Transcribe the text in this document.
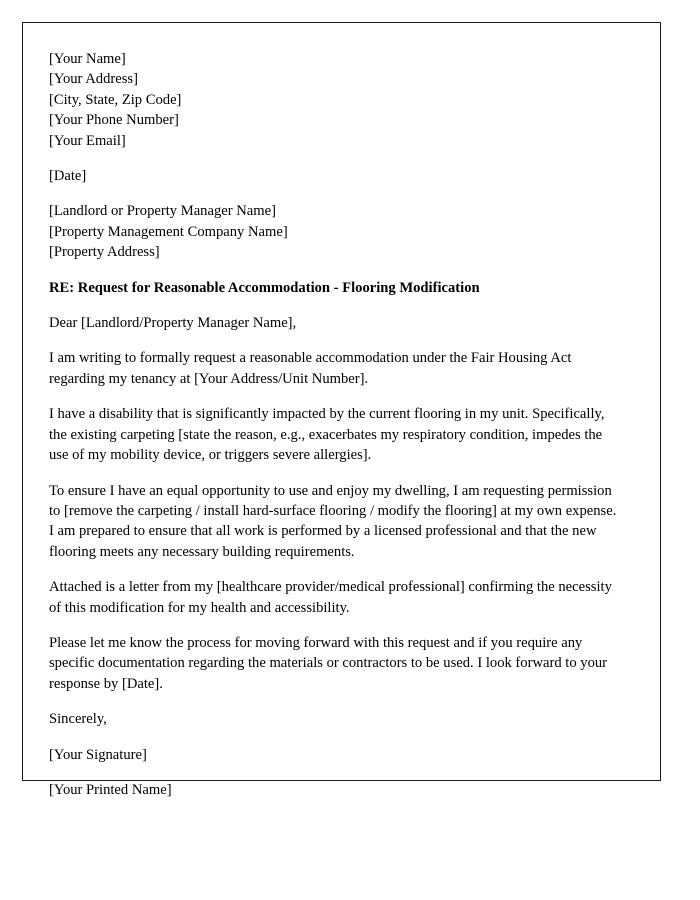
[Your Name]
[Your Address]
[City, State, Zip Code]
[Your Phone Number]
[Your Email]
[Date]
[Landlord or Property Manager Name]
[Property Management Company Name]
[Property Address]

RE: Request for Reasonable Accommodation - Flooring Modification

Dear [Landlord/Property Manager Name],

I am writing to formally request a reasonable accommodation under the Fair Housing Act regarding my tenancy at [Your Address/Unit Number].

I have a disability that is significantly impacted by the current flooring in my unit. Specifically, the existing carpeting [state the reason, e.g., exacerbates my respiratory condition, impedes the use of my mobility device, or triggers severe allergies].

To ensure I have an equal opportunity to use and enjoy my dwelling, I am requesting permission to [remove the carpeting / install hard-surface flooring / modify the flooring] at my own expense. I am prepared to ensure that all work is performed by a licensed professional and that the new flooring meets any necessary building requirements.

Attached is a letter from my [healthcare provider/medical professional] confirming the necessity of this modification for my health and accessibility.

Please let me know the process for moving forward with this request and if you require any specific documentation regarding the materials or contractors to be used. I look forward to your response by [Date].

Sincerely,

[Your Signature]

[Your Printed Name]
